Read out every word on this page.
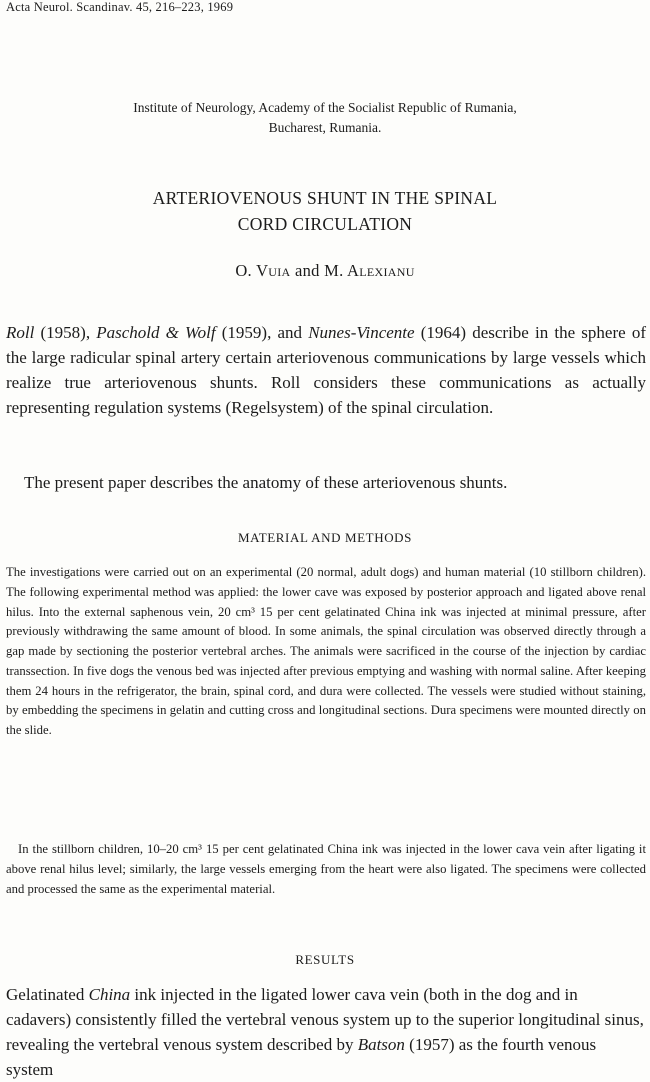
Acta Neurol. Scandinav. 45, 216–223, 1969
Institute of Neurology, Academy of the Socialist Republic of Rumania,
Bucharest, Rumania.
ARTERIOVENOUS SHUNT IN THE SPINAL
CORD CIRCULATION
O. Vuia and M. Alexianu

Roll (1958), Paschold & Wolf (1959), and Nunes-Vincente (1964) describe in the sphere of the large radicular spinal artery certain arteriovenous communications by large vessels which realize true arteriovenous shunts. Roll considers these communications as actually representing regulation systems (Regelsystem) of the spinal circulation.

The present paper describes the anatomy of these arteriovenous shunts.

MATERIAL AND METHODS

The investigations were carried out on an experimental (20 normal, adult dogs) and human material (10 stillborn children). The following experimental method was applied: the lower cave was exposed by posterior approach and ligated above renal hilus. Into the external saphenous vein, 20 cm³ 15 per cent gelatinated China ink was injected at minimal pressure, after previously withdrawing the same amount of blood. In some animals, the spinal circulation was observed directly through a gap made by sectioning the posterior vertebral arches. The animals were sacrificed in the course of the injection by cardiac transsection. In five dogs the venous bed was injected after previous emptying and washing with normal saline. After keeping them 24 hours in the refrigerator, the brain, spinal cord, and dura were collected. The vessels were studied without staining, by embedding the specimens in gelatin and cutting cross and longitudinal sections. Dura specimens were mounted directly on the slide.

In the stillborn children, 10–20 cm³ 15 per cent gelatinated China ink was injected in the lower cava vein after ligating it above renal hilus level; similarly, the large vessels emerging from the heart were also ligated. The specimens were collected and processed the same as the experimental material.

RESULTS

Gelatinated China ink injected in the ligated lower cava vein (both in the dog and in cadavers) consistently filled the vertebral venous system up to the superior longitudinal sinus, revealing the vertebral venous system described by Batson (1957) as the fourth venous system
